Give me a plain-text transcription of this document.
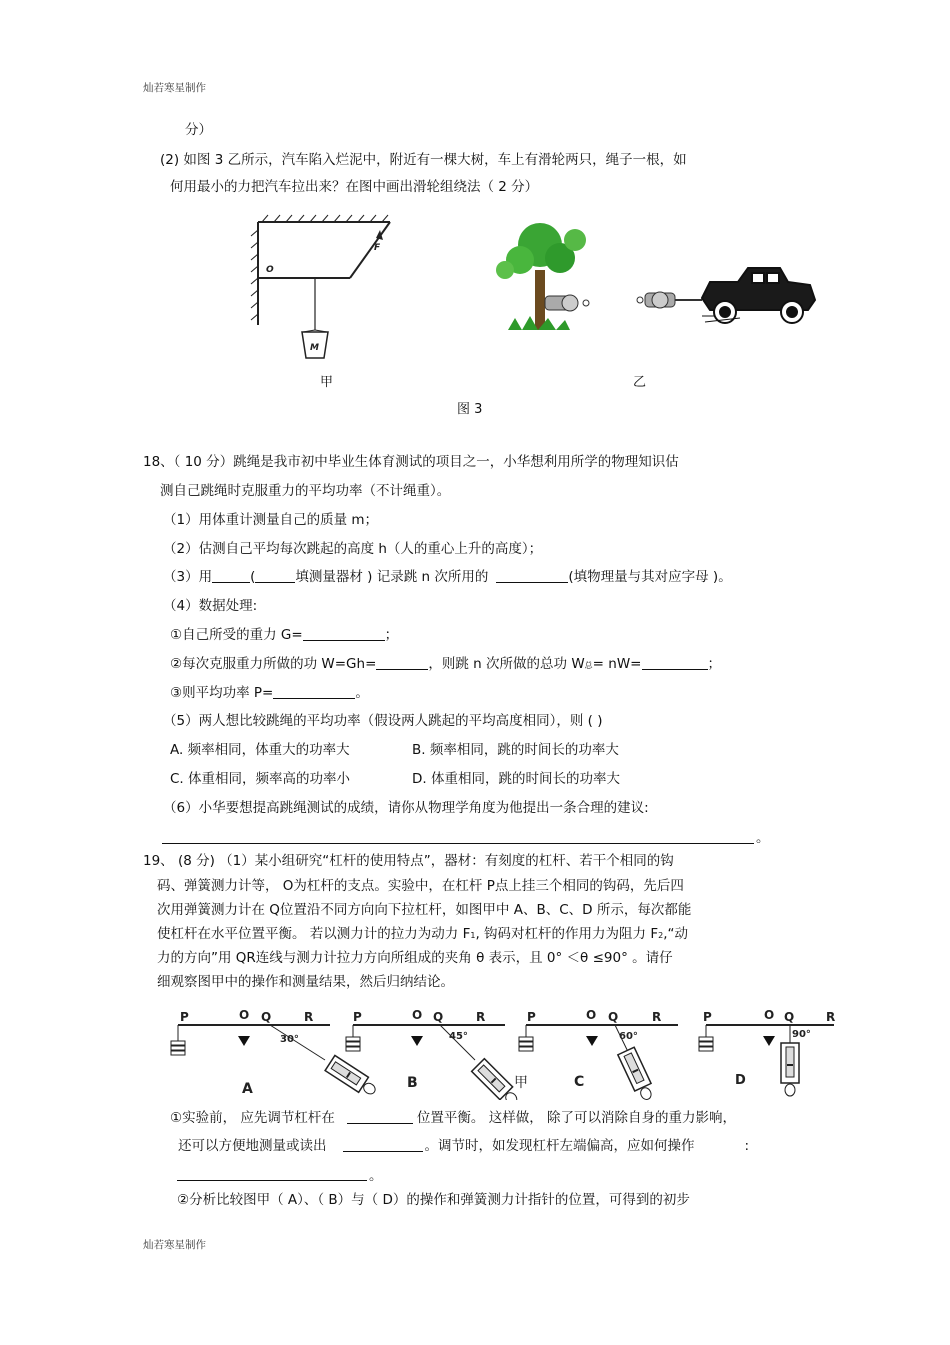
灿若寒星制作
灿若寒星制作
分）
(2) 如图 3 乙所示，汽车陷入烂泥中，附近有一棵大树，车上有滑轮两只，绳子一根，如
何用最小的力把汽车拉出来？在图中画出滑轮组绕法（ 2 分）
O
F
M
甲	乙
图 3
18、（ 10 分）跳绳是我市初中毕业生体育测试的项目之一，小华想利用所学的物理知识估
测自己跳绳时克服重力的平均功率（不计绳重）。
（1）用体重计测量自己的质量 m；
（2）估测自己平均每次跳起的高度 h（人的重心上升的高度）；
（3）用	(	填测量器材 ) 记录跳 n 次所用的	(填物理量与其对应字母 )。
（4）数据处理:
①自己所受的重力 G=	；
②每次克服重力所做的功 W=Gh=	，则跳 n 次所做的总功 W总= nW=	；
③则平均功率 P=	。
（5）两人想比较跳绳的平均功率（假设两人跳起的平均高度相同），则 ( )
A. 频率相同，体重大的功率大	B. 频率相同，跳的时间长的功率大
C. 体重相同，频率高的功率小	D. 体重相同，跳的时间长的功率大
（6）小华要想提高跳绳测试的成绩，请你从物理学角度为他提出一条合理的建议:
。
19、 (8 分) （1）某小组研究“杠杆的使用特点”，器材：有刻度的杠杆、若干个相同的钩
码、弹簧测力计等， O为杠杆的支点。实验中，在杠杆 P点上挂三个相同的钩码，先后四
次用弹簧测力计在 Q位置沿不同方向向下拉杠杆，如图甲中 A、B、C、D 所示，每次都能
使杠杆在水平位置平衡。 若以测力计的拉力为动力 F1, 钩码对杠杆的作用力为阻力 F2,“动
力的方向”用 QR连线与测力计拉力方向所组成的夹角 θ 表示，且 0° ＜θ ≤90° 。请仔
细观察图甲中的操作和测量结果，然后归纳结论。
P	O Q	R
30°
A
P	O Q	R
45°
B
P	O Q	R
60°
甲	C
P	O Q	R
90°
D
①实验前， 应先调节杠杆在	位置平衡。 这样做， 除了可以消除自身的重力影响，
还可以方便地测量或读出	。调节时，如发现杠杆左端偏高，应如何操作	:
。
②分析比较图甲（ A）、（ B）与（ D）的操作和弹簧测力计指针的位置，可得到的初步
